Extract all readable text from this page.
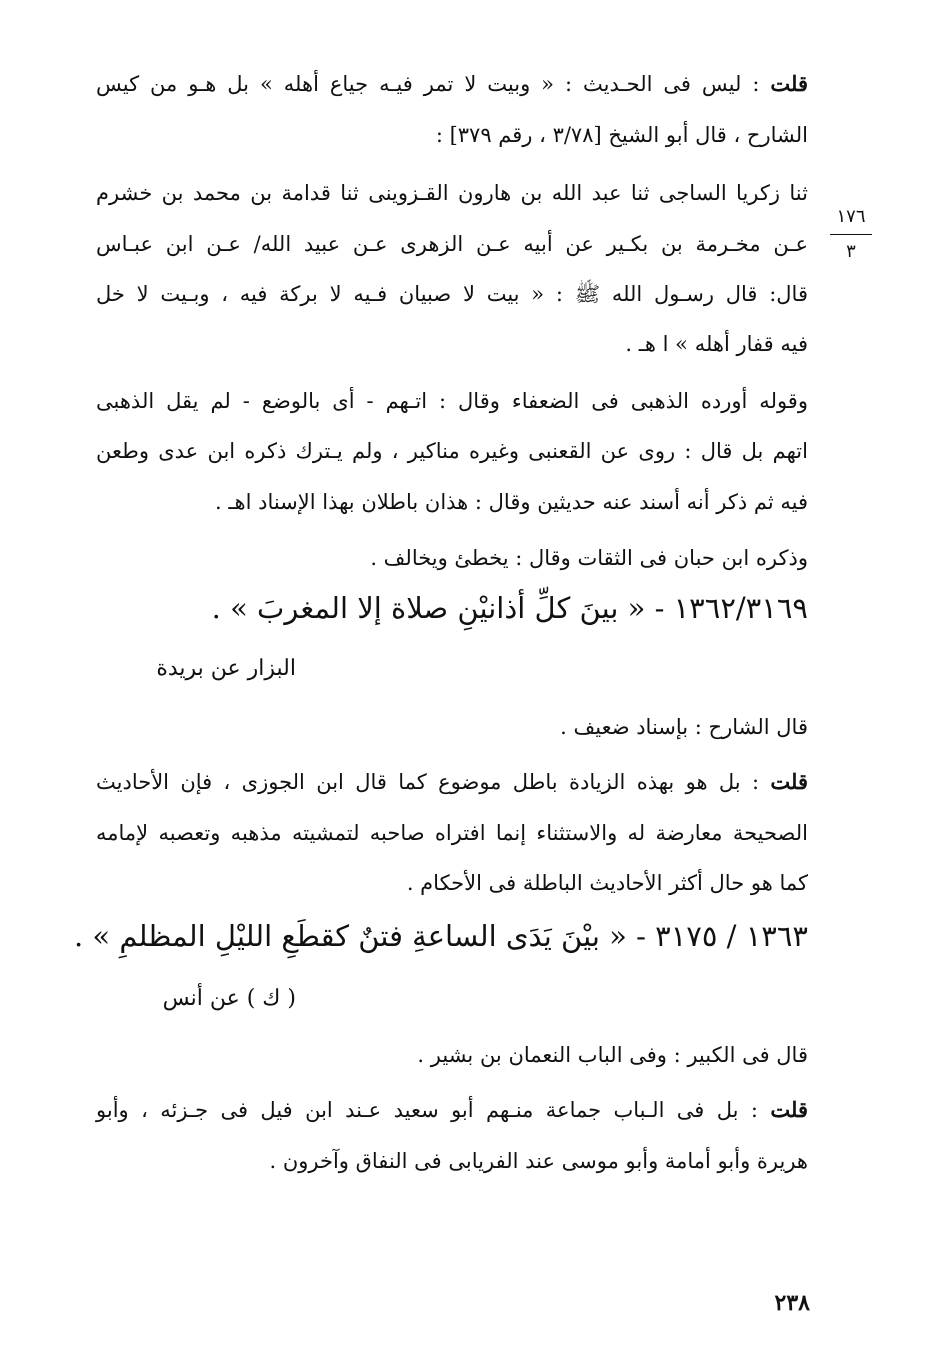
١٧٦
٣
قلت : ليس فى الحـديث : « وبيت لا تمر فيـه جياع أهله » بل هـو من كيس
الشارح ، قال أبو الشيخ [٣/٧٨ ، رقم ٣٧٩] :
ثنا زكريا الساجى ثنا عبد الله بن هارون القـزوينى ثنا قدامة بن محمد بن خشرم
عـن مخـرمة بن بكـير عن أبيه عـن الزهرى عـن عبيد الله/ عـن ابن عبـاس
قال: قال رسـول الله ﷺ : « بيت لا صبيان فـيه لا بركة فيه ، وبـيت لا خل
فيه قفار أهله » ا هـ .
وقوله أورده الذهبى فى الضعفاء وقال : اتـهم - أى بالوضع - لم يقل الذهبى
اتهم بل قال : روى عن القعنبى وغيره مناكير ، ولم يـترك ذكره ابن عدى وطعن
فيه ثم ذكر أنه أسند عنه حديثين وقال : هذان باطلان بهذا الإسناد اهـ .
وذكره ابن حبان فى الثقات وقال : يخطئ ويخالف .
١٣٦٢/٣١٦٩ - « بينَ كلِّ أذانيْنِ صلاة إلا المغربَ » .
البزار عن بريدة
قال الشارح : بإسناد ضعيف .
قلت : بل هو بهذه الزيادة باطل موضوع كما قال ابن الجوزى ، فإن الأحاديث
الصحيحة معارضة له والاستثناء إنما افتراه صاحبه لتمشيته مذهبه وتعصبه لإمامه
كما هو حال أكثر الأحاديث الباطلة فى الأحكام .
١٣٦٣ / ٣١٧٥ - « بيْنَ يَدَى الساعةِ فتنٌ كقطَعِ الليْلِ المظلمِ » .
( ك ) عن أنس
قال فى الكبير : وفى الباب النعمان بن بشير .
قلت : بل فى الـباب جماعة منـهم أبو سعيد عـند ابن فيل فى جـزئه ، وأبو
هريرة وأبو أمامة وأبو موسى عند الفريابى فى النفاق وآخرون .
٢٣٨
